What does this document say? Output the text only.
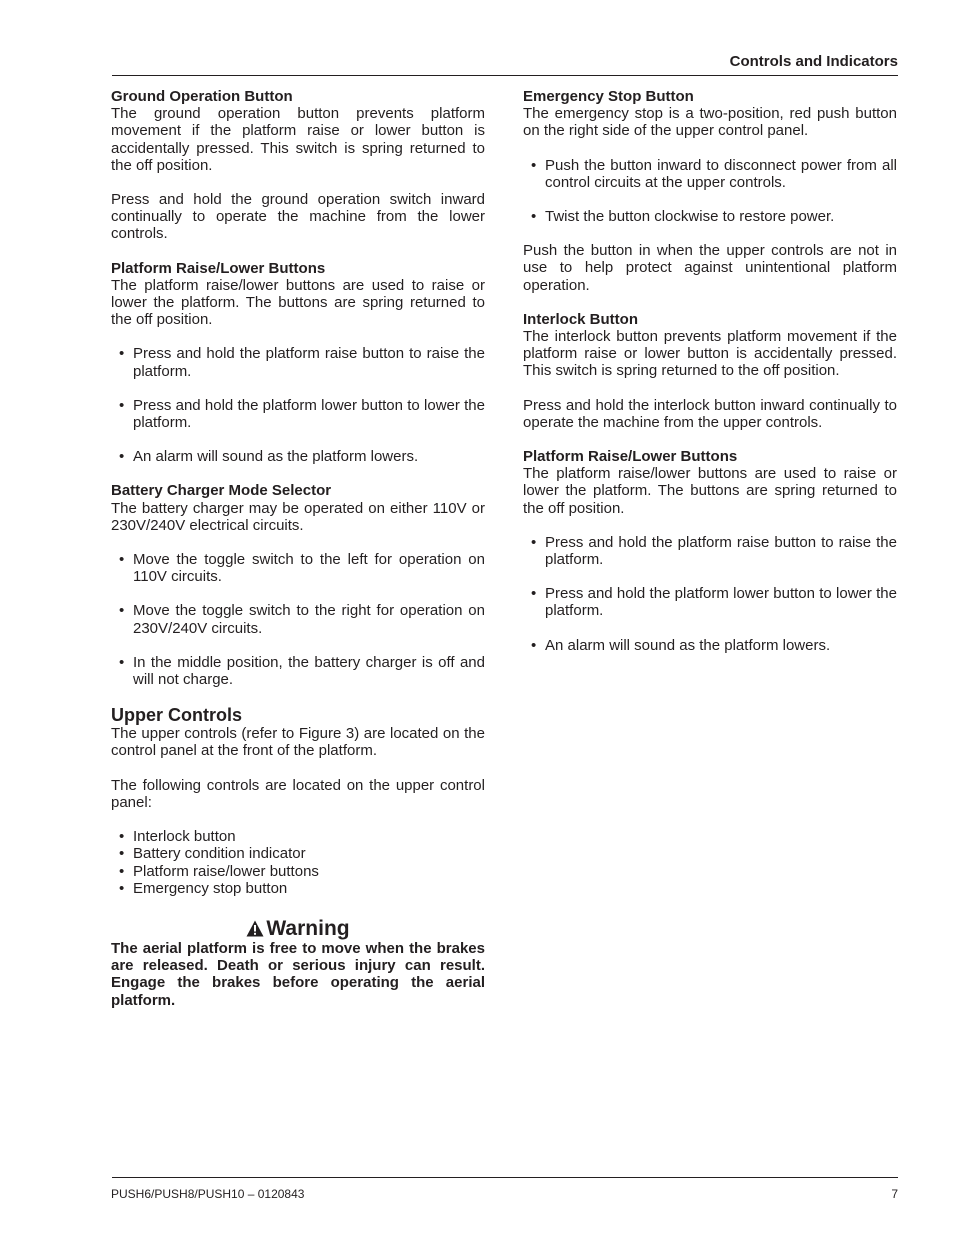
Controls and Indicators
Ground Operation Button

The ground operation button prevents platform movement if the platform raise or lower button is accidentally pressed. This switch is spring returned to the off position.

Press and hold the ground operation switch inward continually to operate the machine from the lower controls.

Platform Raise/Lower Buttons

The platform raise/lower buttons are used to raise or lower the platform. The buttons are spring returned to the off position.

• Press and hold the platform raise button to raise the platform.
• Press and hold the platform lower button to lower the platform.
• An alarm will sound as the platform lowers.
Battery Charger Mode Selector

The battery charger may be operated on either 110V or 230V/240V electrical circuits.

• Move the toggle switch to the left for operation on 110V circuits.
• Move the toggle switch to the right for operation on 230V/240V circuits.
• In the middle position, the battery charger is off and will not charge.
Upper Controls

The upper controls (refer to Figure 3) are located on the control panel at the front of the platform.

The following controls are located on the upper control panel:

• Interlock button
• Battery condition indicator
• Platform raise/lower buttons
• Emergency stop button
Warning

The aerial platform is free to move when the brakes are released. Death or serious injury can result. Engage the brakes before operating the aerial platform.

Emergency Stop Button

The emergency stop is a two-position, red push button on the right side of the upper control panel.

• Push the button inward to disconnect power from all control circuits at the upper controls.
• Twist the button clockwise to restore power.

Push the button in when the upper controls are not in use to help protect against unintentional platform operation.

Interlock Button

The interlock button prevents platform movement if the platform raise or lower button is accidentally pressed. This switch is spring returned to the off position.

Press and hold the interlock button inward continually to operate the machine from the upper controls.

Platform Raise/Lower Buttons

The platform raise/lower buttons are used to raise or lower the platform. The buttons are spring returned to the off position.

• Press and hold the platform raise button to raise the platform.
• Press and hold the platform lower button to lower the platform.
• An alarm will sound as the platform lowers.
PUSH6/PUSH8/PUSH10 – 0120843	7
